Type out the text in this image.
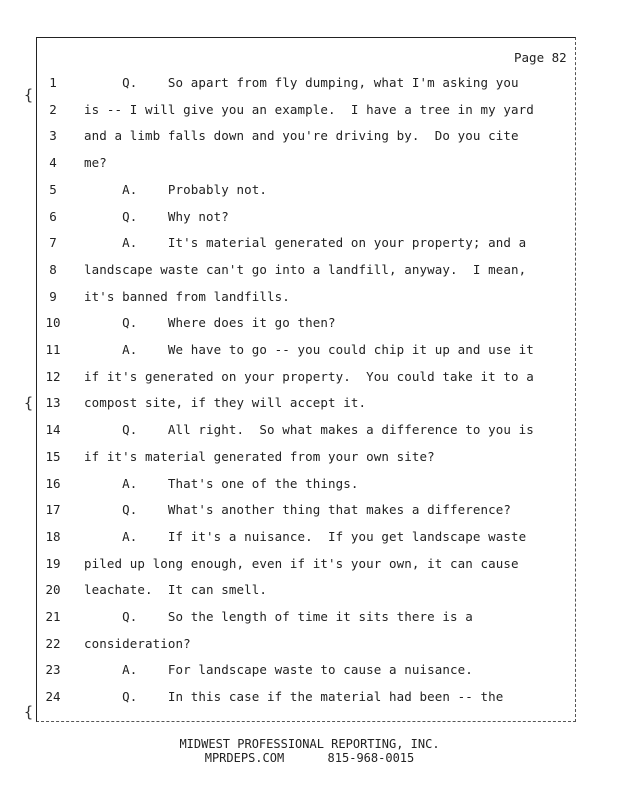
Page 82
1	Q.    So apart from fly dumping, what I'm asking you
2	is -- I will give you an example.  I have a tree in my yard
3	and a limb falls down and you're driving by.  Do you cite
4	me?
5	A.    Probably not.
6	Q.    Why not?
7	A.    It's material generated on your property; and a
8	landscape waste can't go into a landfill, anyway.  I mean,
9	it's banned from landfills.
10	Q.    Where does it go then?
11	A.    We have to go -- you could chip it up and use it
12	if it's generated on your property.  You could take it to a
13	compost site, if they will accept it.
14	Q.    All right.  So what makes a difference to you is
15	if it's material generated from your own site?
16	A.    That's one of the things.
17	Q.    What's another thing that makes a difference?
18	A.    If it's a nuisance.  If you get landscape waste
19	piled up long enough, even if it's your own, it can cause
20	leachate.  It can smell.
21	Q.    So the length of time it sits there is a
22	consideration?
23	A.    For landscape waste to cause a nuisance.
24	Q.    In this case if the material had been -- the
{
{
{
MIDWEST PROFESSIONAL REPORTING, INC.
MPRDEPS.COM      815-968-0015
